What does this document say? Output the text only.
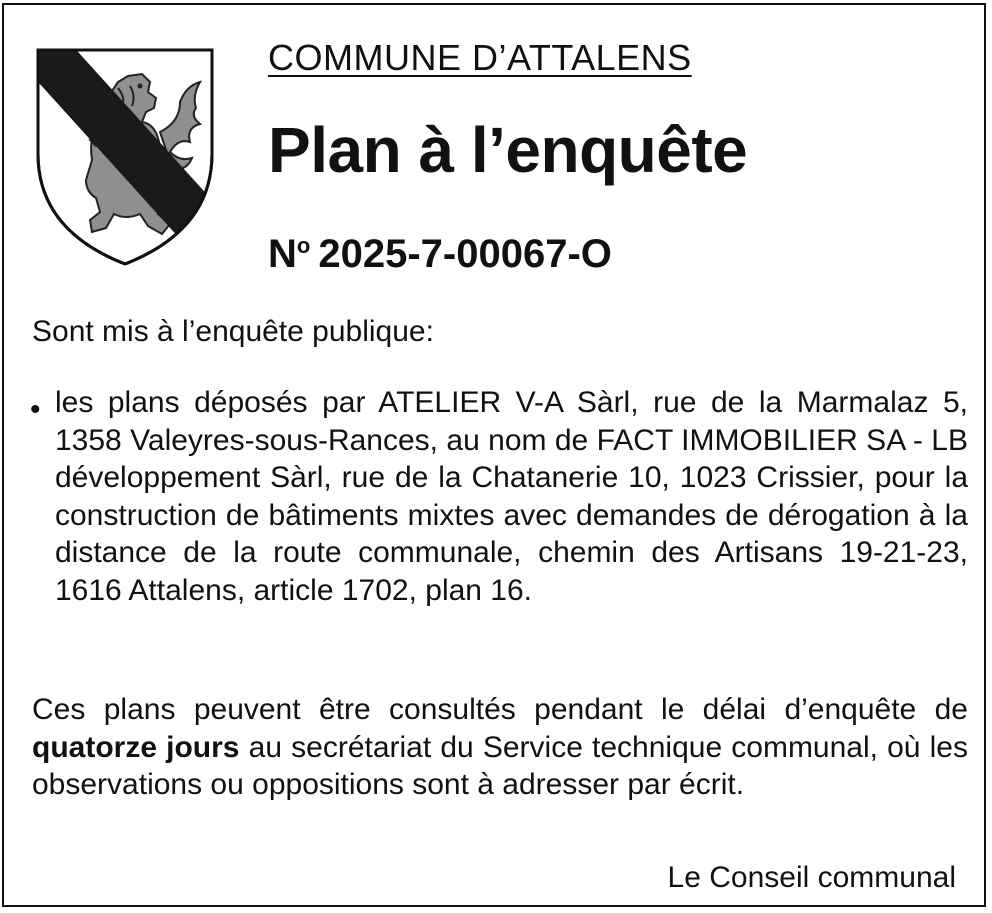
COMMUNE D’ATTALENS
Plan à l’enquête
$N^o$ 2025-7-00067-O
Sont mis à l’enquête publique:
• les plans déposés par ATELIER V-A Sàrl, rue de la Marmalaz 5, 1358 Valeyres-sous-Rances, au nom de FACT IMMOBILIER SA - LB développement Sàrl, rue de la Chatanerie 10, 1023 Crissier, pour la construction de bâtiments mixtes avec demandes de dérogation à la distance de la route communale, chemin des Artisans 19-21-23, 1616 Attalens, article 1702, plan 16.
Ces plans peuvent être consultés pendant le délai d’enquête de quatorze jours au secrétariat du Service technique communal, où les observations ou oppositions sont à adresser par écrit.
Le Conseil communal
